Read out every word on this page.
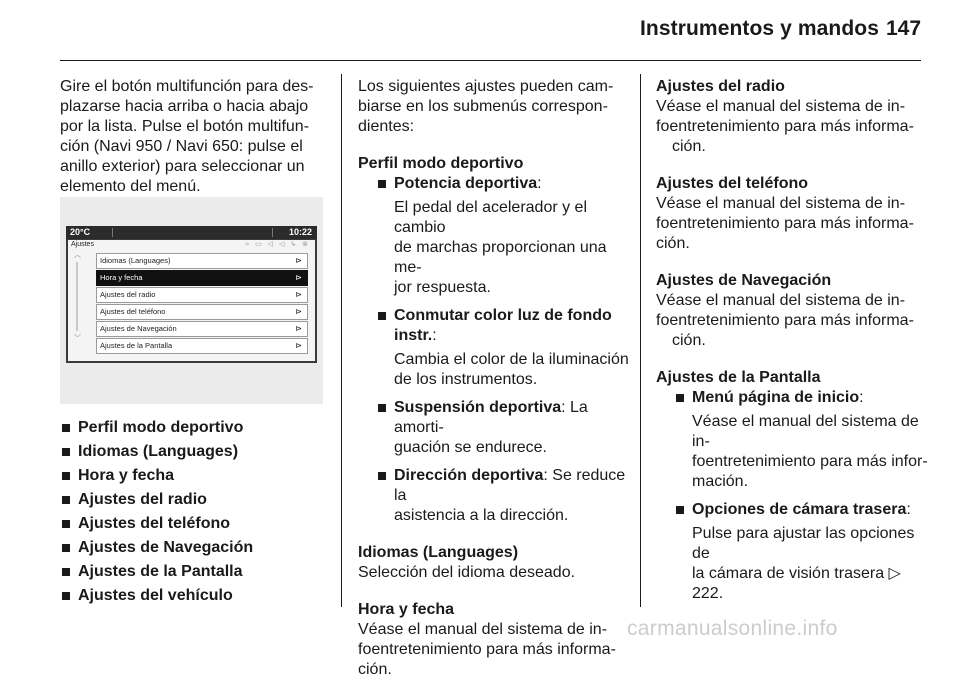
Instrumentos y mandos 147

Gire el botón multifunción para des-

plazarse hacia arriba o hacia abajo

por la lista. Pulse el botón multifun-

ción (Navi 950 / Navi 650: pulse el

anillo exterior) para seleccionar un

elemento del menú.

20°C	10:22
Ajustes	≈ ▭ ◁ ◁ ↳ ⊗
︿
﹀
Idiomas (Languages)	⊳
Hora y fecha	⊳
Ajustes del radio	⊳
Ajustes del teléfono	⊳
Ajustes de Navegación	⊳
Ajustes de la Pantalla	⊳

Perfil modo deportivo

Idiomas (Languages)

Hora y fecha

Ajustes del radio

Ajustes del teléfono

Ajustes de Navegación

Ajustes de la Pantalla

Ajustes del vehículo

Los siguientes ajustes pueden cam-

biarse en los submenús correspon-

dientes:

Perfil modo deportivo

Potencia deportiva:

El pedal del acelerador y el cambio

de marchas proporcionan una me-

jor respuesta.

Conmutar color luz de fondo instr.:

Cambia el color de la iluminación

de los instrumentos.

Suspensión deportiva: La amorti-

guación se endurece.

Dirección deportiva: Se reduce la

asistencia a la dirección.

Idiomas (Languages)

Selección del idioma deseado.

Hora y fecha

Véase el manual del sistema de in-

foentretenimiento para más informa-

ción.

Ajustes del radio

Véase el manual del sistema de in-

foentretenimiento para más informa-

ción.

Ajustes del teléfono

Véase el manual del sistema de in-

foentretenimiento para más informa-

ción.

Ajustes de Navegación

Véase el manual del sistema de in-

foentretenimiento para más informa-

ción.

Ajustes de la Pantalla

Menú página de inicio:

Véase el manual del sistema de in-

foentretenimiento para más infor-

mación.

Opciones de cámara trasera:

Pulse para ajustar las opciones de

la cámara de visión trasera ▷ 222.

carmanualsonline.info
